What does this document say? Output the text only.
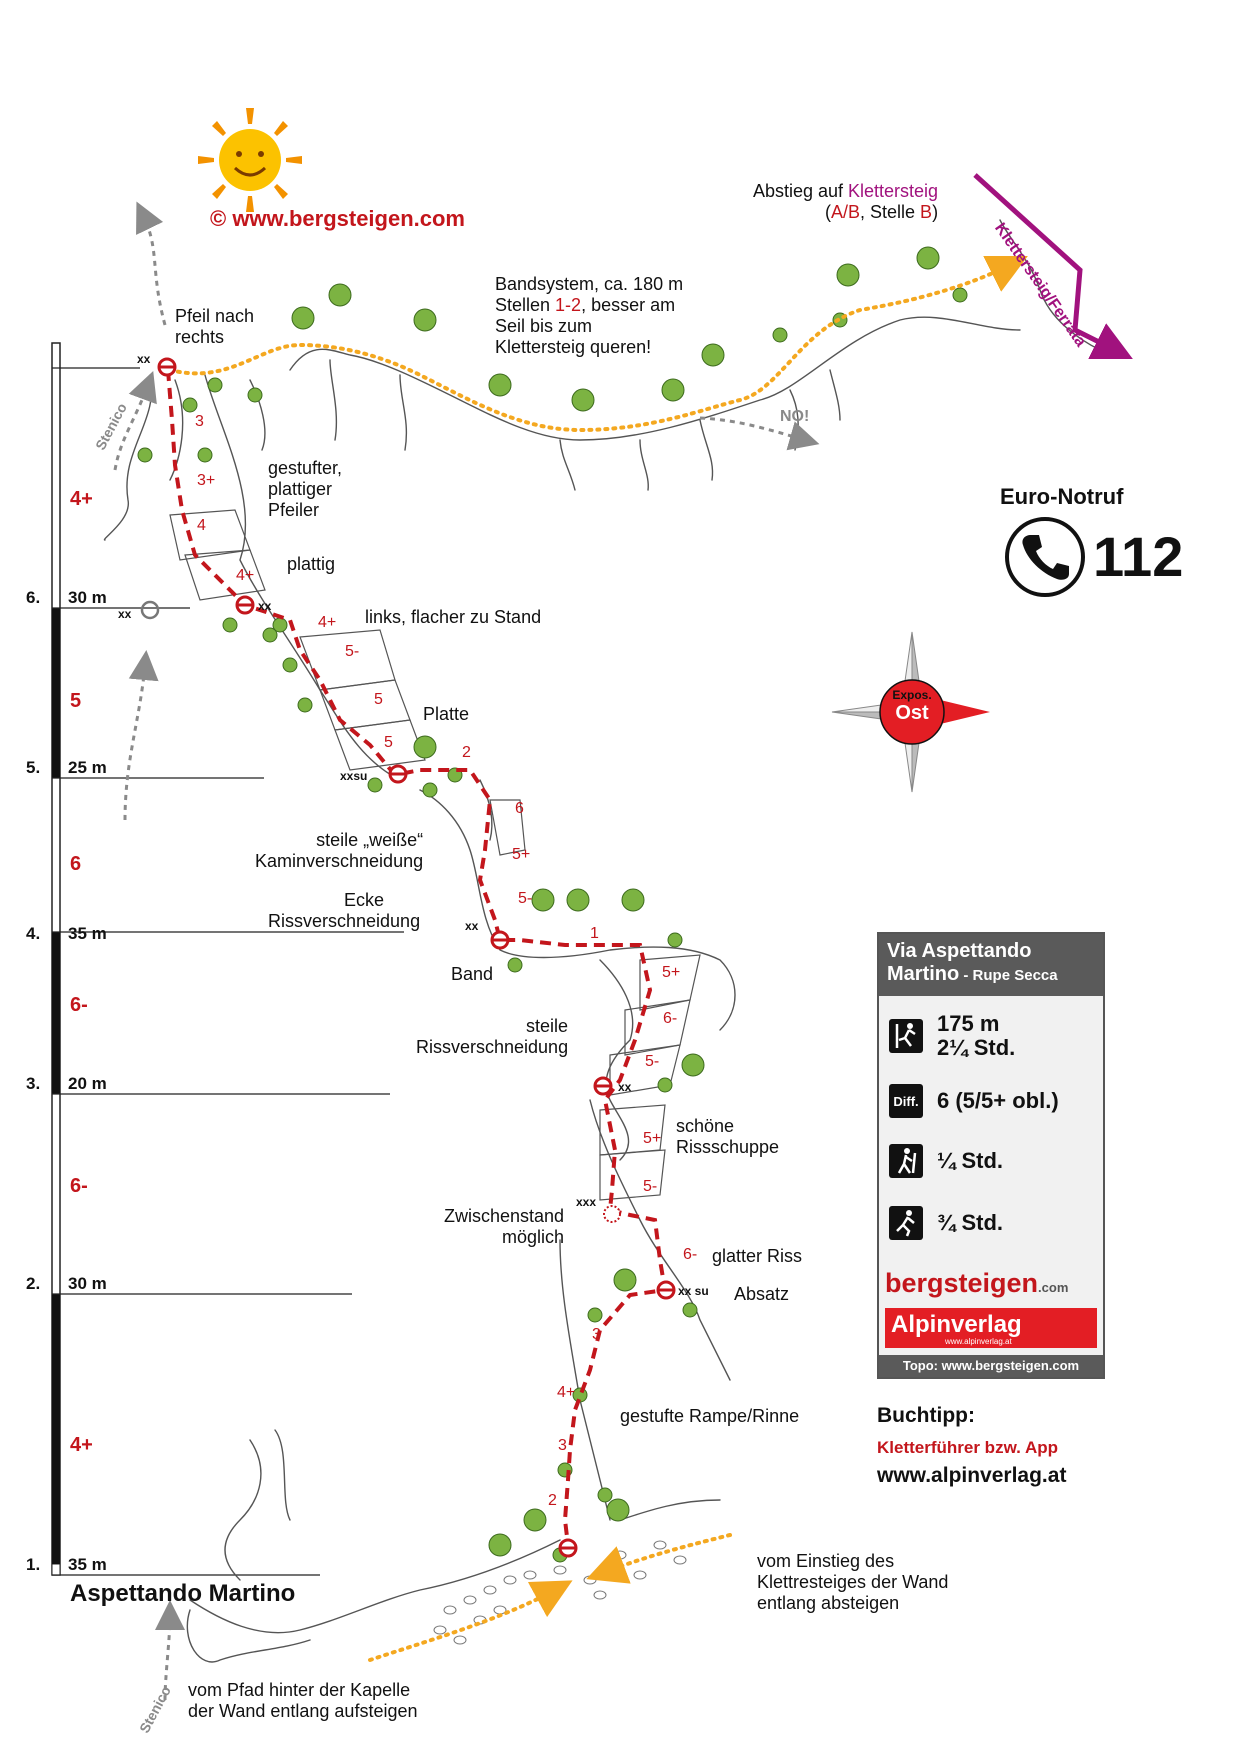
© www.bergsteigen.com
Pfeil nach
rechts
Abstieg auf Klettersteig
(A/B, Stelle B)
Klettersteig/Ferrata
Bandsystem, ca. 180 m
Stellen 1-2, besser am
Seil bis zum
Klettersteig queren!
NO!
gestufter,
plattiger
Pfeiler
plattig
links, flacher zu Stand
Platte
steile „weiße“
Kaminverschneidung
Ecke
Rissverschneidung
Band
steile
Rissverschneidung
schöne
Rissschuppe
Zwischenstand
möglich
glatter Riss
Absatz
gestufte Rampe/Rinne
vom Einstieg des
Klettresteiges der Wand
entlang absteigen
vom Pfad hinter der Kapelle
der Wand entlang aufsteigen
Stenico
Stenico
1. 35 m
4+
2. 30 m
6-
3. 20 m
6-
4. 35 m
6
5. 25 m
5
6. 30 m
4+
Aspettando Martino
3
3+
4
4+
4+
5-
5
5
2
6
5+
5-
1
5+
6-
5-
5+
5-
6-
3
4+
3
2
xx
xx
xx
xxsu
xx
xx
xxx
xx su
Euro-Notruf
112
Expos.
Ost
Via Aspettando
Martino - Rupe Secca
175 m
2¼ Std.
Diff. 6 (5/5+ obl.)
¼ Std.
¾ Std.
bergsteigen.com
Alpinverlag
www.alpinverlag.at
Topo: www.bergsteigen.com
Buchtipp:
Kletterführer bzw. App
www.alpinverlag.at
